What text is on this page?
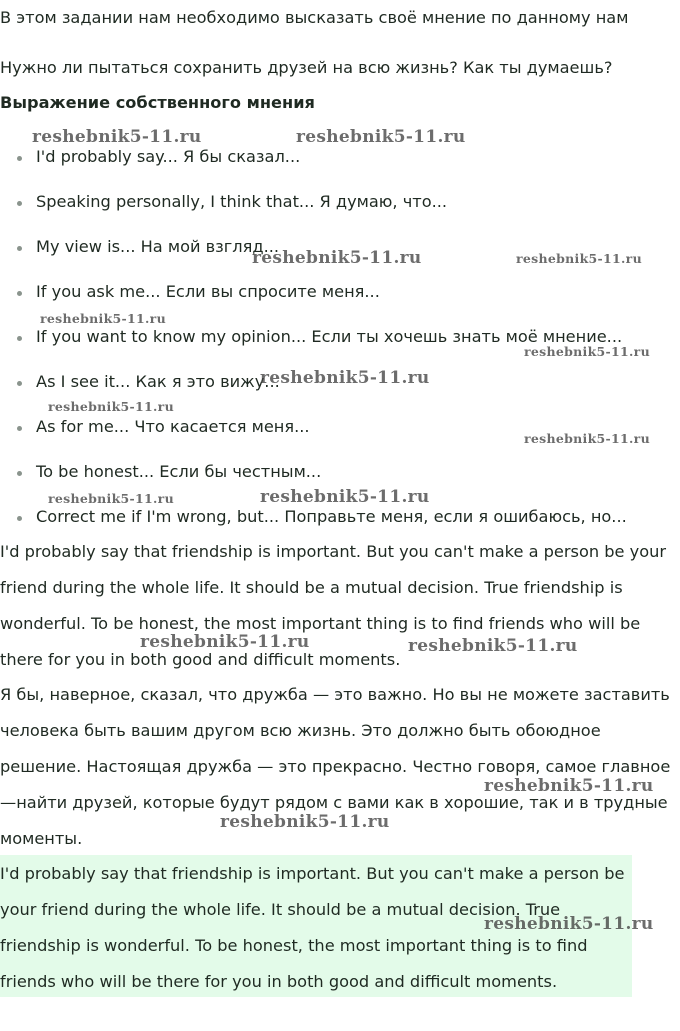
В этом задании нам необходимо высказать своё мнение по данному нам

Нужно ли пытаться сохранить друзей на всю жизнь? Как ты думаешь?

Выражение собственного мнения

I'd probably say... Я бы сказал...
Speaking personally, I think that... Я думаю, что...
My view is... На мой взгляд...
If you ask me... Если вы спросите меня...
If you want to know my opinion... Если ты хочешь знать моё мнение...
As I see it... Как я это вижу...
As for me... Что касается меня...
To be honest... Если бы честным...
Correct me if I'm wrong, but... Поправьте меня, если я ошибаюсь, но...

I'd probably say that friendship is important. But you can't make a person be your

friend during the whole life. It should be a mutual decision. True friendship is

wonderful. To be honest, the most important thing is to find friends who will be

there for you in both good and difficult moments.

Я бы, наверное, сказал, что дружба — это важно. Но вы не можете заставить

человека быть вашим другом всю жизнь. Это должно быть обоюдное

решение. Настоящая дружба — это прекрасно. Честно говоря, самое главное

—найти друзей, которые будут рядом с вами как в хорошие, так и в трудные

моменты.

I'd probably say that friendship is important. But you can't make a person be

your friend during the whole life. It should be a mutual decision. True

friendship is wonderful. To be honest, the most important thing is to find

friends who will be there for you in both good and difficult moments.

reshebnik5-11.ru	reshebnik5-11.ru
reshebnik5-11.ru	reshebnik5-11.ru
reshebnik5-11.ru
reshebnik5-11.ru
reshebnik5-11.ru
reshebnik5-11.ru
reshebnik5-11.ru
reshebnik5-11.ru	reshebnik5-11.ru
reshebnik5-11.ru	reshebnik5-11.ru
reshebnik5-11.ru
reshebnik5-11.ru
reshebnik5-11.ru
